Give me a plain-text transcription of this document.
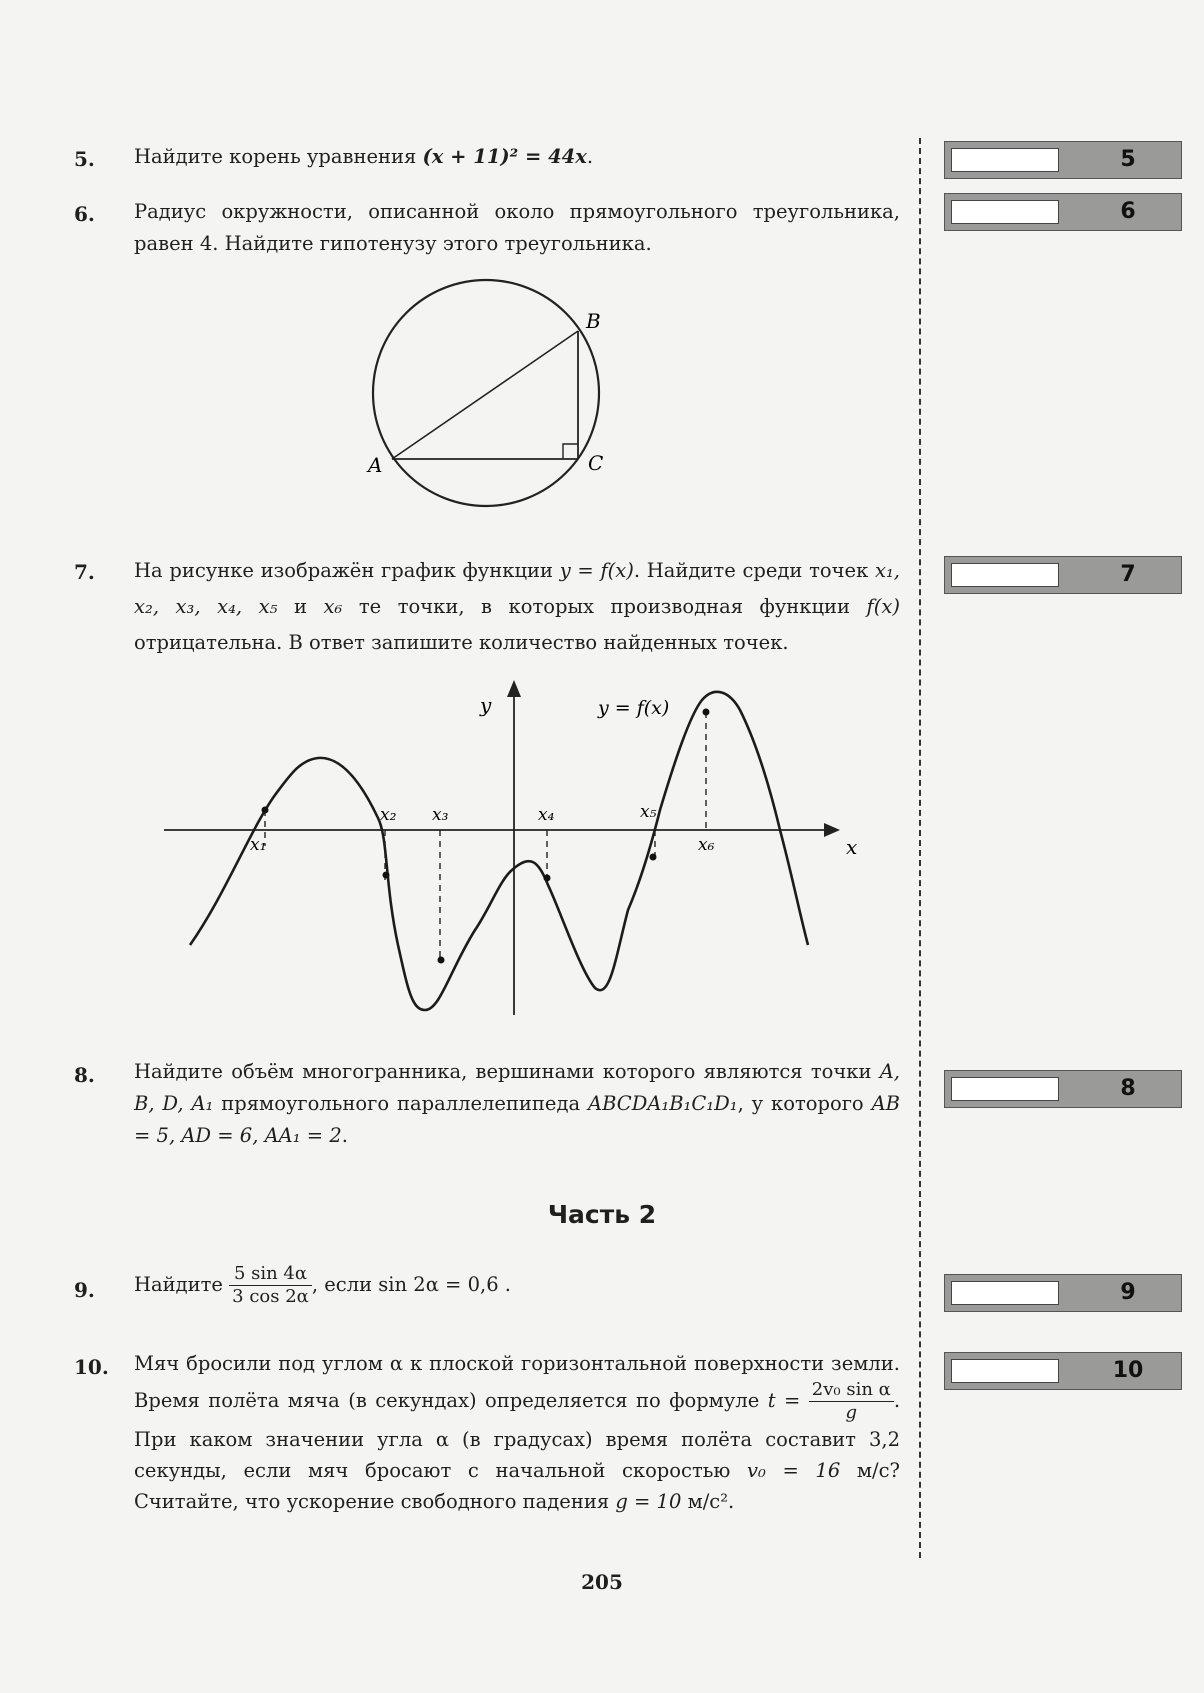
5. Найдите корень уравнения (x + 11)² = 44x.
6. Радиус окружности, описанной около прямоугольного треугольника, равен 4. Найдите гипотенузу этого треугольника.
A
B
C
7. На рисунке изображён график функции y = f(x). Найдите среди точек x₁, x₂, x₃, x₄, x₅ и x₆ те точки, в которых производная функции f(x) отрицательна. В ответ запишите количество найденных точек.
y
x
y = f(x)
x₁
x₂ x₃	x₄	x₅
x₆
8. Найдите объём многогранника, вершинами которого являются точки A, B, D, A₁ прямоугольного параллелепипеда ABCDA₁B₁C₁D₁, у которого AB = 5, AD = 6, AA₁ = 2.
Часть 2
9. Найдите $\frac{5 \sin 4\alpha}{3 \cos 2\alpha}$ , если sin 2α = 0,6 .
10. Мяч бросили под углом α к плоской горизонтальной поверхности земли. Время полёта мяча (в секундах) определяется по формуле $t = \frac{\text{2v₀ sin α}}{g}$ . При каком значении угла α (в градусах) время полёта составит 3,2 секунды, если мяч бросают с начальной скоростью v₀ = 16 м/с? Считайте, что ускорение свободного падения g = 10 м/с².
205
5
6
7
8
9
10
